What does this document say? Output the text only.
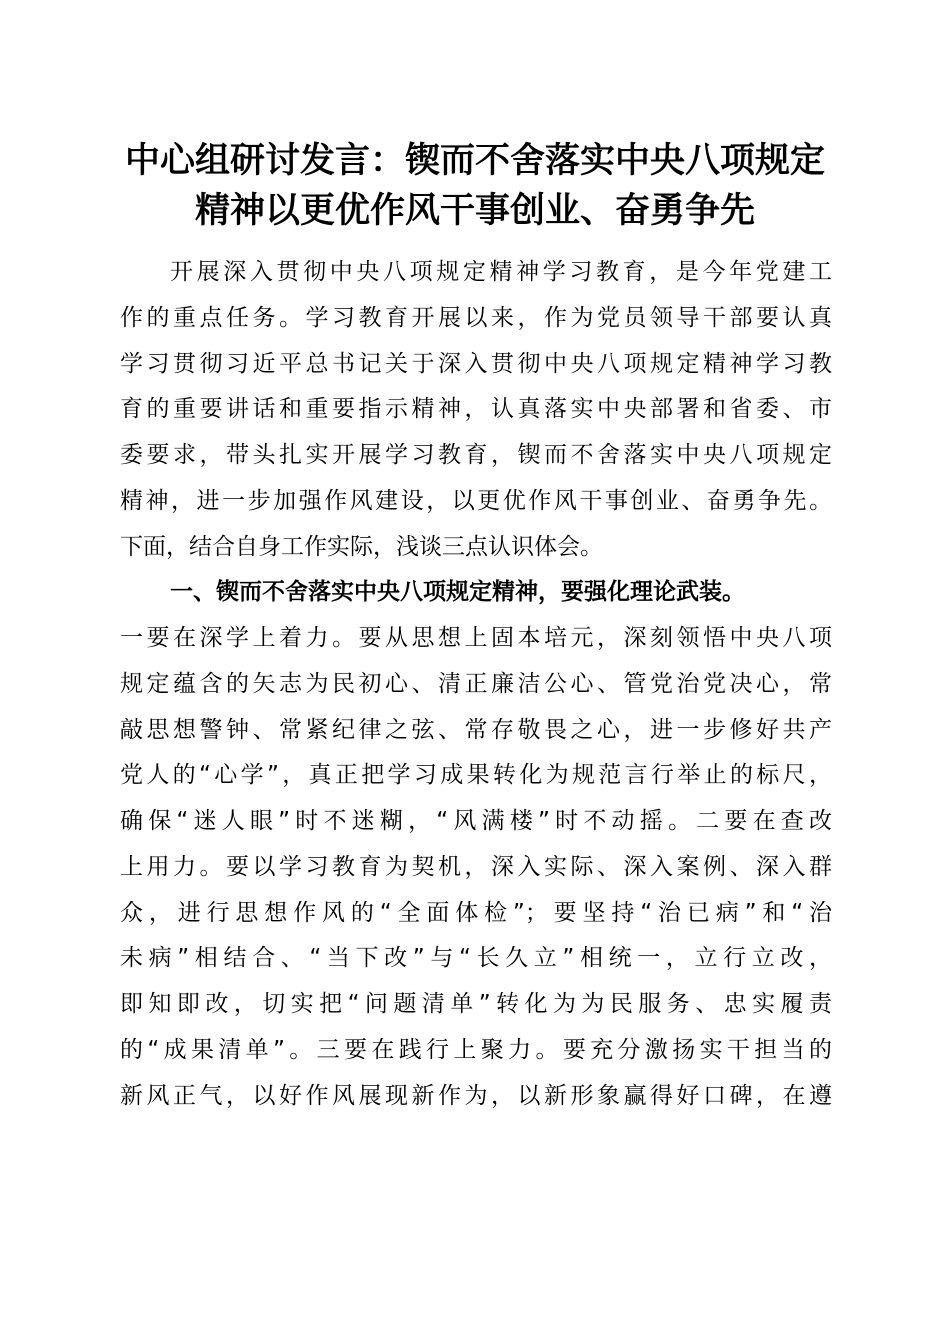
中心组研讨发言：锲而不舍落实中央八项规定
精神以更优作风干事创业、奋勇争先
开展深入贯彻中央八项规定精神学习教育，是今年党建工
作的重点任务。学习教育开展以来，作为党员领导干部要认真
学习贯彻习近平总书记关于深入贯彻中央八项规定精神学习教
育的重要讲话和重要指示精神，认真落实中央部署和省委、市
委要求，带头扎实开展学习教育，锲而不舍落实中央八项规定
精神，进一步加强作风建设，以更优作风干事创业、奋勇争先。
下面，结合自身工作实际，浅谈三点认识体会。
一、锲而不舍落实中央八项规定精神，要强化理论武装。
一要在深学上着力。要从思想上固本培元，深刻领悟中央八项
规定蕴含的矢志为民初心、清正廉洁公心、管党治党决心，常
敲思想警钟、常紧纪律之弦、常存敬畏之心，进一步修好共产
党人的“心学”，真正把学习成果转化为规范言行举止的标尺，
确保“迷人眼”时不迷糊，“风满楼”时不动摇。二要在查改
上用力。要以学习教育为契机，深入实际、深入案例、深入群
众，进行思想作风的“全面体检”；要坚持“治已病”和“治
未病”相结合、“当下改”与“长久立”相统一，立行立改，
即知即改，切实把“问题清单”转化为为民服务、忠实履责
的“成果清单”。三要在践行上聚力。要充分激扬实干担当的
新风正气，以好作风展现新作为，以新形象赢得好口碑，在遵
